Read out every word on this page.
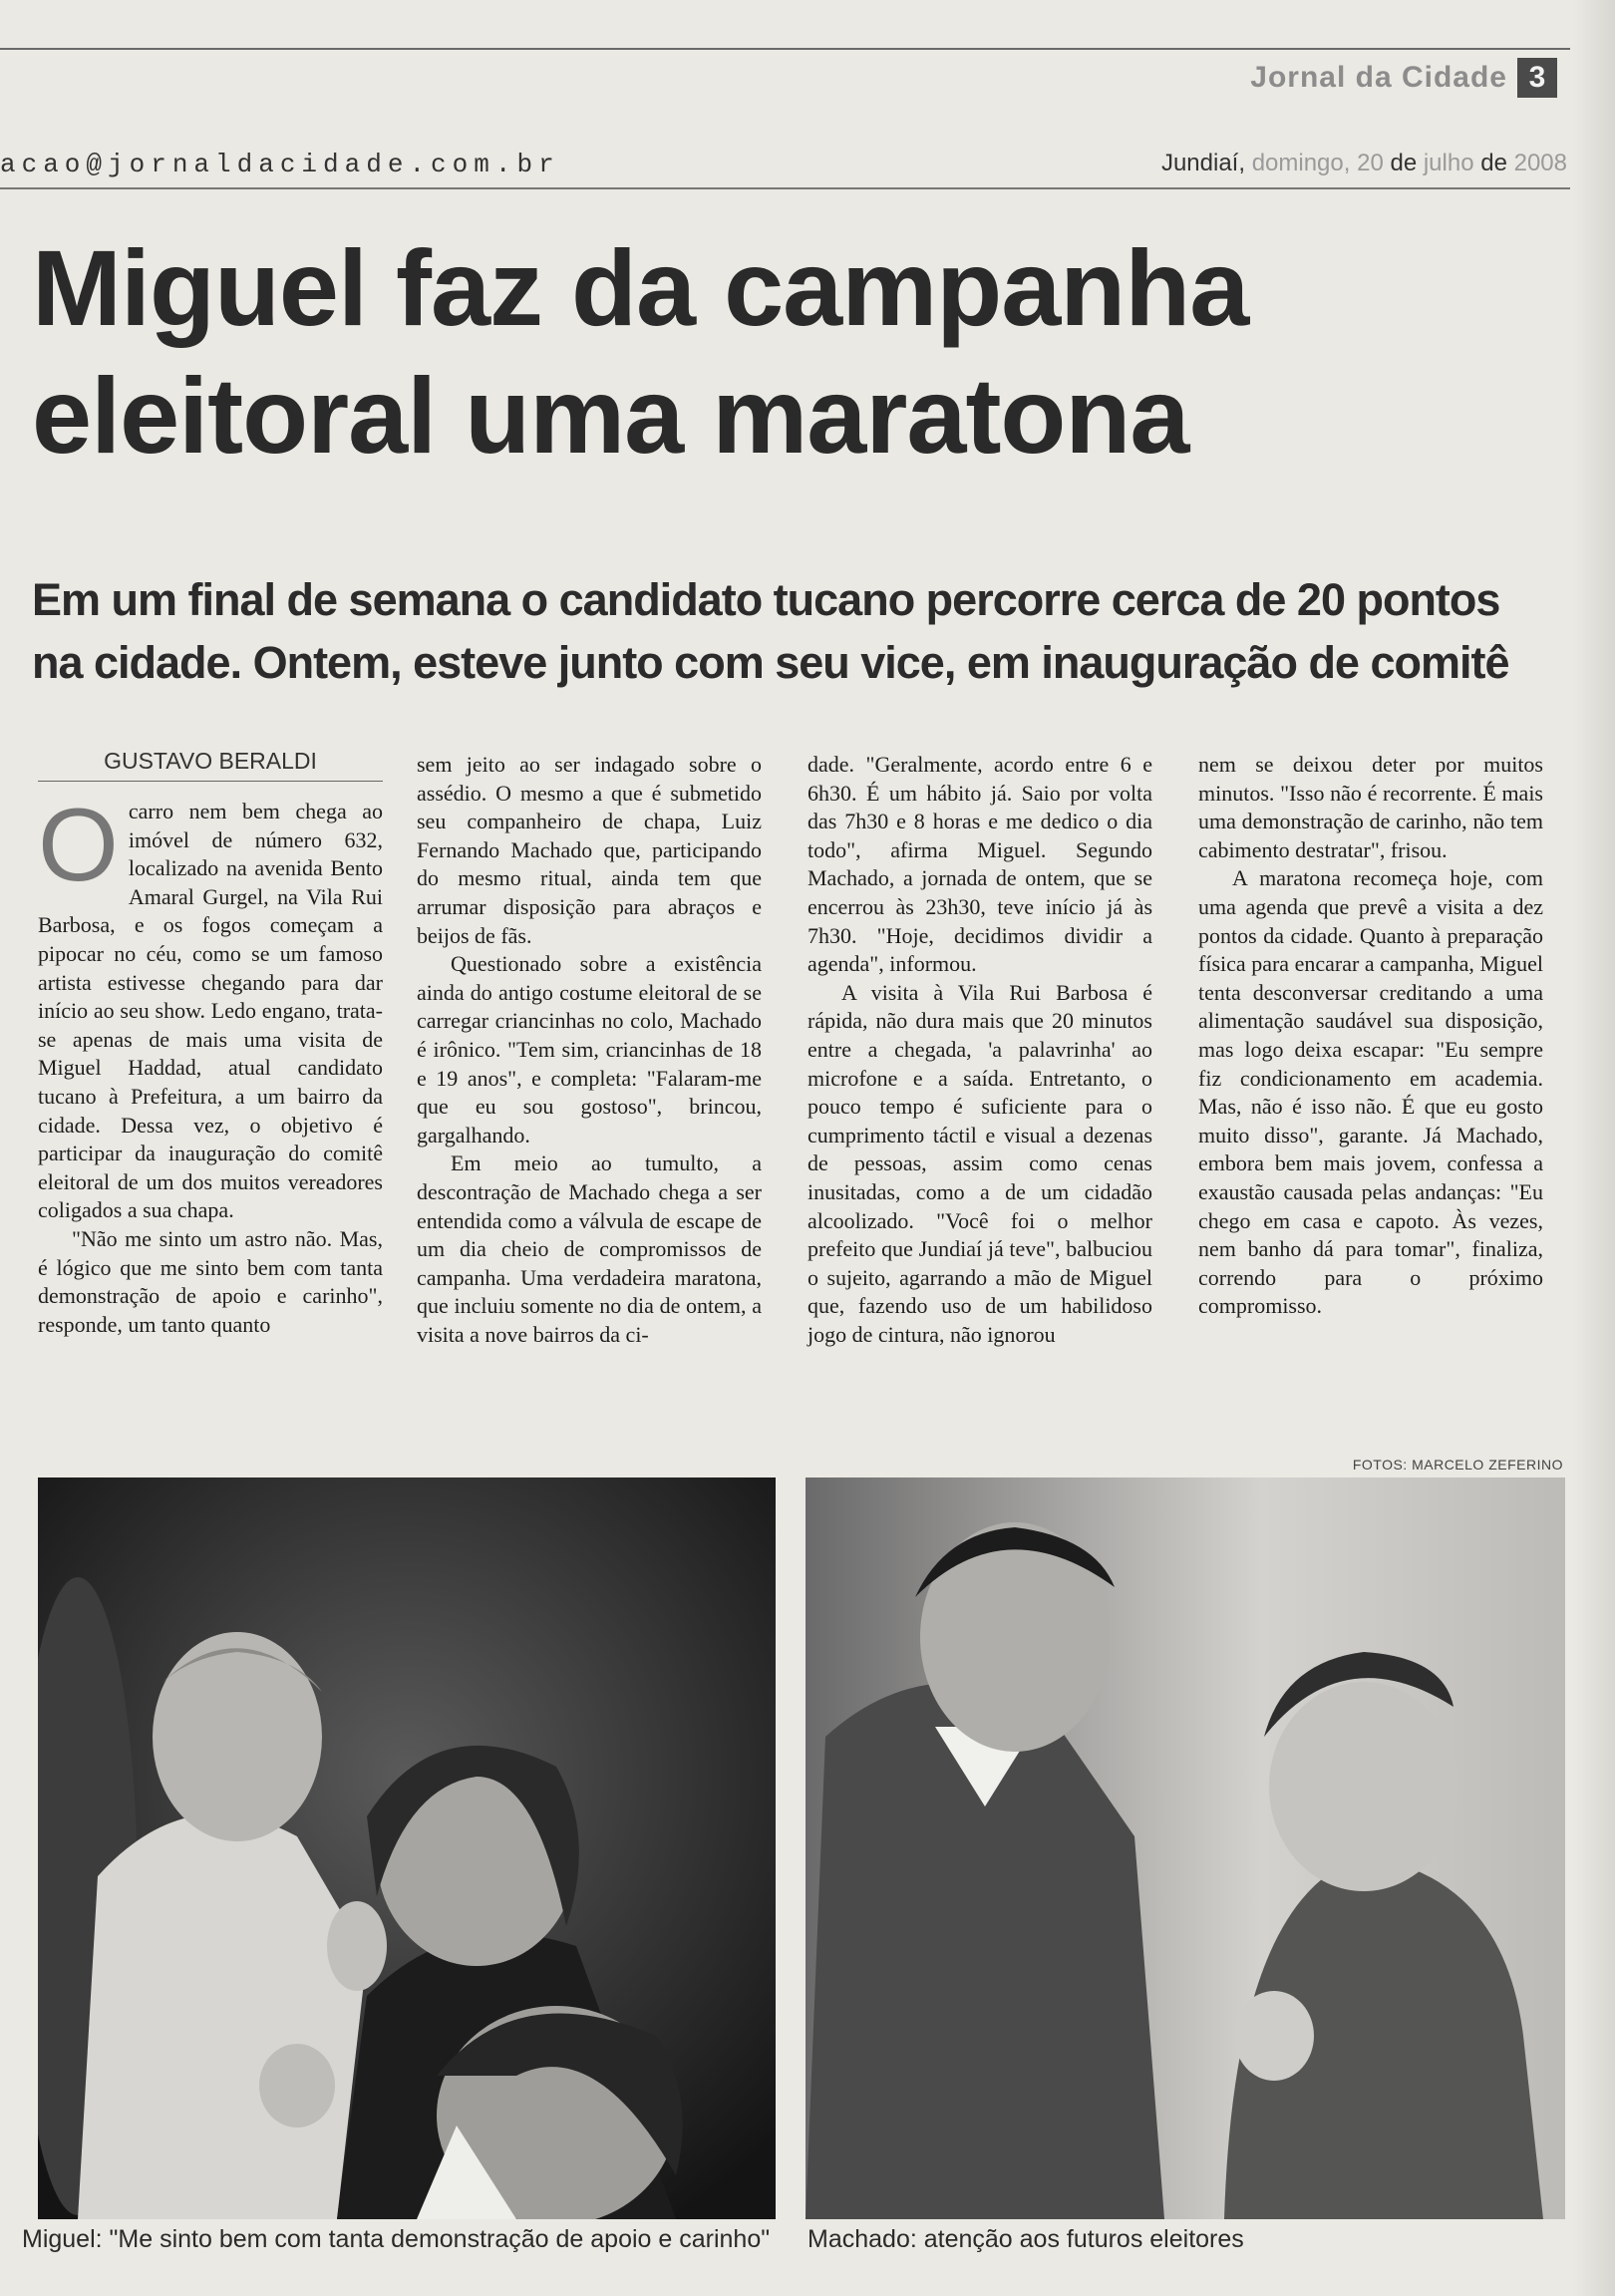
Jornal da Cidade 3
acao@jornaldacidade.com.br	Jundiaí, domingo, 20 de julho de 2008
Miguel faz da campanha
eleitoral uma maratona
Em um final de semana o candidato tucano percorre cerca de 20 pontos
na cidade. Ontem, esteve junto com seu vice, em inauguração de comitê
GUSTAVO BERALDI
O carro nem bem chega ao imóvel de número 632, localizado na avenida Bento Amaral Gurgel, na Vila Rui Barbosa, e os fogos começam a pipocar no céu, como se um famoso artista estivesse chegando para dar início ao seu show. Ledo engano, trata-se apenas de mais uma visita de Miguel Haddad, atual candidato tucano à Prefeitura, a um bairro da cidade. Dessa vez, o objetivo é participar da inauguração do comitê eleitoral de um dos muitos vereadores coligados a sua chapa.

"Não me sinto um astro não. Mas, é lógico que me sinto bem com tanta demonstração de apoio e carinho", responde, um tanto quanto

sem jeito ao ser indagado sobre o assédio. O mesmo a que é submetido seu companheiro de chapa, Luiz Fernando Machado que, participando do mesmo ritual, ainda tem que arrumar disposição para abraços e beijos de fãs.

Questionado sobre a existência ainda do antigo costume eleitoral de se carregar criancinhas no colo, Machado é irônico. "Tem sim, criancinhas de 18 e 19 anos", e completa: "Falaram-me que eu sou gostoso", brincou, gargalhando.

Em meio ao tumulto, a descontração de Machado chega a ser entendida como a válvula de escape de um dia cheio de compromissos de campanha. Uma verdadeira maratona, que incluiu somente no dia de ontem, a visita a nove bairros da ci-

dade. "Geralmente, acordo entre 6 e 6h30. É um hábito já. Saio por volta das 7h30 e 8 horas e me dedico o dia todo", afirma Miguel. Segundo Machado, a jornada de ontem, que se encerrou às 23h30, teve início já às 7h30. "Hoje, decidimos dividir a agenda", informou.

A visita à Vila Rui Barbosa é rápida, não dura mais que 20 minutos entre a chegada, 'a palavrinha' ao microfone e a saída. Entretanto, o pouco tempo é suficiente para o cumprimento táctil e visual a dezenas de pessoas, assim como cenas inusitadas, como a de um cidadão alcoolizado. "Você foi o melhor prefeito que Jundiaí já teve", balbuciou o sujeito, agarrando a mão de Miguel que, fazendo uso de um habilidoso jogo de cintura, não ignorou

nem se deixou deter por muitos minutos. "Isso não é recorrente. É mais uma demonstração de carinho, não tem cabimento destratar", frisou.

A maratona recomeça hoje, com uma agenda que prevê a visita a dez pontos da cidade. Quanto à preparação física para encarar a campanha, Miguel tenta desconversar creditando a uma alimentação saudável sua disposição, mas logo deixa escapar: "Eu sempre fiz condicionamento em academia. Mas, não é isso não. É que eu gosto muito disso", garante. Já Machado, embora bem mais jovem, confessa a exaustão causada pelas andanças: "Eu chego em casa e capoto. Às vezes, nem banho dá para tomar", finaliza, correndo para o próximo compromisso.

FOTOS: MARCELO ZEFERINO
Miguel: "Me sinto bem com tanta demonstração de apoio e carinho" Machado: atenção aos futuros eleitores
